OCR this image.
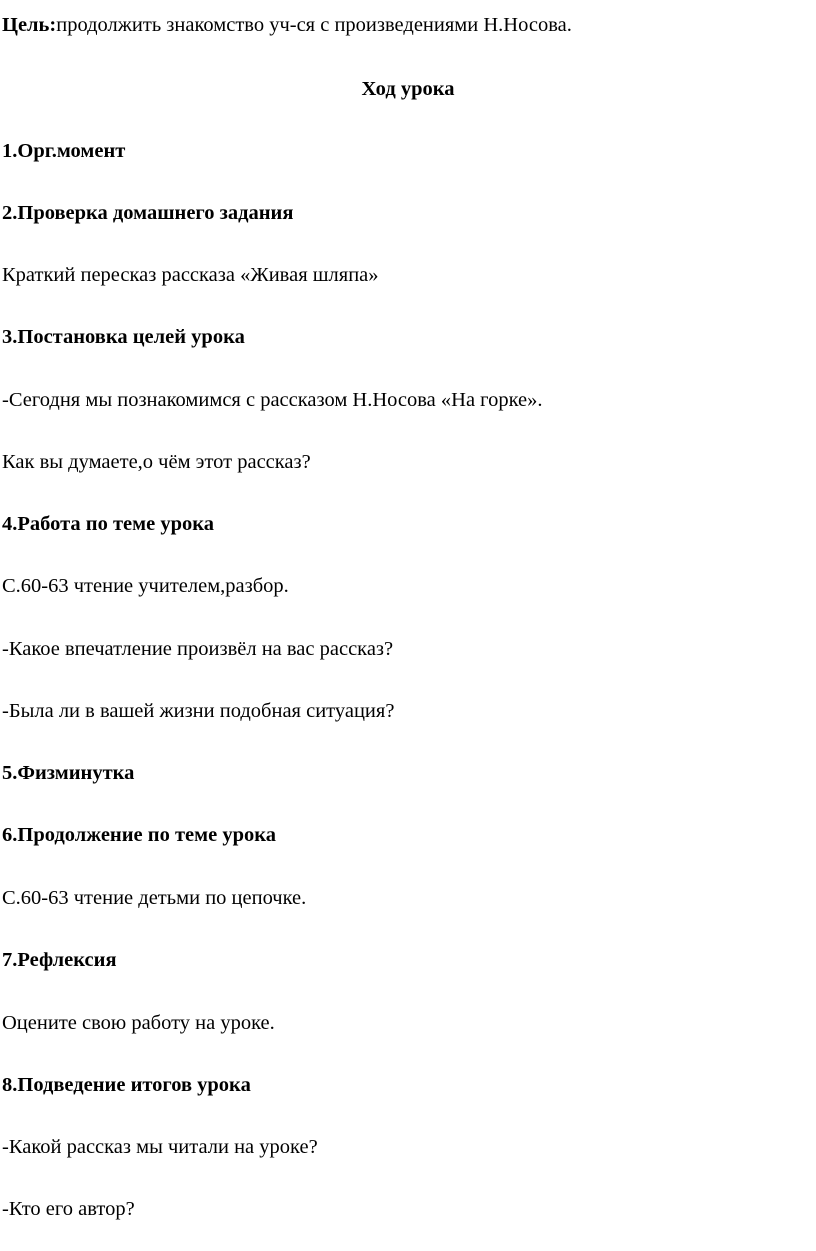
Цель:продолжить знакомство уч-ся с произведениями Н.Носова.
Ход урока
1.Орг.момент
2.Проверка домашнего задания
Краткий пересказ рассказа «Живая шляпа»
3.Постановка целей урока
-Сегодня мы познакомимся с рассказом Н.Носова «На горке».
Как вы думаете,о чём этот рассказ?
4.Работа по теме урока
С.60-63 чтение учителем,разбор.
-Какое впечатление произвёл на вас рассказ?
-Была ли в вашей жизни подобная ситуация?
5.Физминутка
6.Продолжение по теме урока
С.60-63 чтение детьми по цепочке.
7.Рефлексия
Оцените свою работу на уроке.
8.Подведение итогов урока
-Какой рассказ мы читали на уроке?
-Кто его автор?
